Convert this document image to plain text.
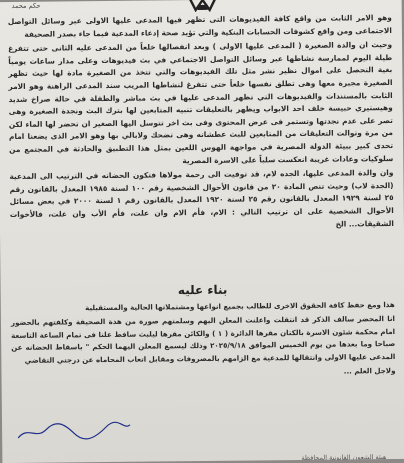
حكم محمد

وهو الامر الثابت من واقع كافة الفيديوهات التى تظهر فيها المدعى عليها الاولى عبر وسائل التواصل الاجتماعى ومن واقع كشوفات الحسابات البنكية والتي تؤيد صحة إدعاء المدعية فيما جاء بصدر الصحيفة

وحيث ان والدة الصغيرة ( المدعى عليها الاولى ) وبعد انفصالها خلعاً من المدعى عليه الثانى حتى تتفرغ طيلة اليوم لممارسة نشاطها عبر وسائل التواصل الاجتماعي في بث فيديوهات وعلى مدار ساعات يومياً بغية التحصل على اموال نظير نشر مثل تلك الفيديوهات والتي تتخذ من الصغيرة مادة لها حيث تظهر الصغيرة مجبرة معها وهى تطلق نفسها خلعاً حتى تتفرغ لنشاطها المريب سند المدعى الراهنة وهو الامر الثابت بالمستندات والفيديوهات التي تظهر المدعى عليها في بث مباشر والطفلة في حالة صراخ شديد وهيستيري حبيسة خلف احد الابواب ويظهر بالتعليقات تنبيه المتابعين لها بترك البث ونجدة الصغيرة وهى تصر على عدم نجدتها وتستمر فى عرض المحتوى وفى بث اخر تتوسل اليها الصغير ان تحضر لها الماء لكن من مرة وتوالت التعليقات من المتابعين للبث عطشانه وهى تضحك ولابالي بها وهو الامر الذى يضعنا امام تحدى كبير ببيئة الدولة المصرية في مواجهة الهوس اللعين بمثل هذا التطبيق والحادثة في المجتمع من سلوكيات وعادات غريبة انعكست سلباً على الاسرة المصرية

وان والدة المدعى عليها، الجده لام، قد توفيت الى رحمة مولاها فتكون الحضانه في الترتيب الى المدعية (الجدة لاب) وحيث تنص المادة ٢٠ من قانون الأحوال الشخصية رقم ١٠٠ لسنة ١٩٨٥ المعدل بالقانون رقم ٢٥ لسنة ١٩٢٩ المعدل بالقانون رقم ٢٥ لسنة ١٩٢٠ المعدل بالقانون رقم ١ لسنة ٢٠٠٠ في بعض مسائل الأحوال الشخصية على ان ترتيب التالي : الام، فأم الام وان علت، فأم الأب وان علت، فالأخوات الشقيقات... الخ

بناء عليه

هذا ومع حفظ كافة الحقوق الاخرى للطالب بجميع انواعها ومشتملاتها الحالية والمستقبلية

انا المحضر سالف الذكر قد انتقلت واعلنت المعلن اليهم وسلمتهم صورة من هذة الصحيفة وكلفتهم بالحضور امام محكمة شئون الاسرة بالكتان مقرها الدائرة ( ١ ) والكائن مقرها ليلبث سافط علنا فى تمام الساعة التاسعة صباحا وما بعدها من يوم الخميس الموافق ٢٠٢٥/٩/١٨ وذلك ليسمع المعلن اليهما الحكم " باسقاط الحضانه عن المدعى عليها الاولى وانتقالها للمدعية مع الزامهم بالمصروفات ومقابل اتعاب المحاماه عن درجتي التقاضي

ولاجل العلم ...

هيئة الشعون القانونية المحافظة
